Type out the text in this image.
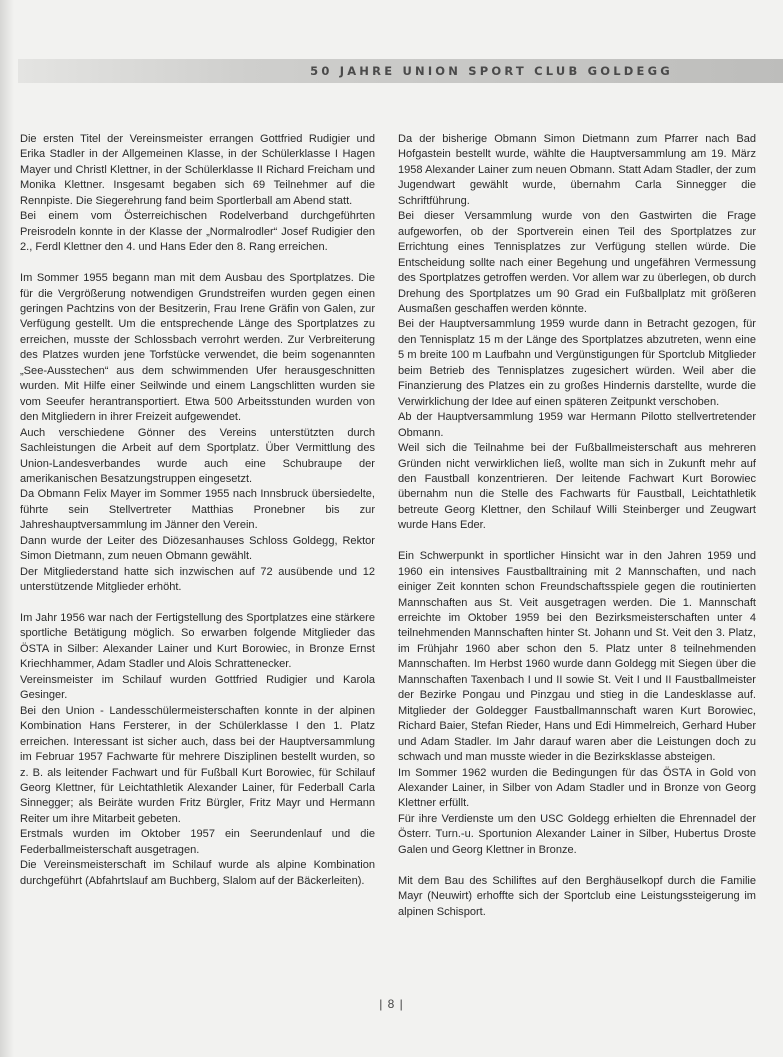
50 JAHRE UNION SPORT CLUB GOLDEGG

Die ersten Titel der Vereinsmeister errangen Gottfried Rudigier und Erika Stadler in der Allgemeinen Klasse, in der Schülerklasse I Hagen Mayer und Christl Klettner, in der Schülerklasse II Richard Freicham und Monika Klettner. Insgesamt begaben sich 69 Teilnehmer auf die Rennpiste. Die Siegerehrung fand beim Sportlerball am Abend statt.

Bei einem vom Österreichischen Rodelverband durchgeführten Preisrodeln konnte in der Klasse der „Normalrodler“ Josef Rudigier den 2., Ferdl Klettner den 4. und Hans Eder den 8. Rang erreichen.

Im Sommer 1955 begann man mit dem Ausbau des Sportplatzes. Die für die Vergrößerung notwendigen Grundstreifen wurden gegen einen geringen Pachtzins von der Besitzerin, Frau Irene Gräfin von Galen, zur Verfügung gestellt. Um die entsprechende Länge des Sportplatzes zu erreichen, musste der Schlossbach verrohrt werden. Zur Verbreiterung des Platzes wurden jene Torfstücke verwendet, die beim sogenannten „See-Ausstechen“ aus dem schwimmenden Ufer herausgeschnitten wurden. Mit Hilfe einer Seilwinde und einem Langschlitten wurden sie vom Seeufer herantransportiert. Etwa 500 Arbeitsstunden wurden von den Mitgliedern in ihrer Freizeit aufgewendet.

Auch verschiedene Gönner des Vereins unterstützten durch Sachleistungen die Arbeit auf dem Sportplatz. Über Vermittlung des Union-Landesverbandes wurde auch eine Schubraupe der amerikanischen Besatzungstruppen eingesetzt.

Da Obmann Felix Mayer im Sommer 1955 nach Innsbruck übersiedelte, führte sein Stellvertreter Matthias Pronebner bis zur Jahreshauptversammlung im Jänner den Verein.

Dann wurde der Leiter des Diözesanhauses Schloss Goldegg, Rektor Simon Dietmann, zum neuen Obmann gewählt.

Der Mitgliederstand hatte sich inzwischen auf 72 ausübende und 12 unterstützende Mitglieder erhöht.

Im Jahr 1956 war nach der Fertigstellung des Sportplatzes eine stärkere sportliche Betätigung möglich. So erwarben folgende Mitglieder das ÖSTA in Silber: Alexander Lainer und Kurt Borowiec, in Bronze Ernst Kriechhammer, Adam Stadler und Alois Schrattenecker.

Vereinsmeister im Schilauf wurden Gottfried Rudigier und Karola Gesinger.

Bei den Union - Landesschülermeisterschaften konnte in der alpinen Kombination Hans Fersterer, in der Schülerklasse I den 1. Platz erreichen. Interessant ist sicher auch, dass bei der Hauptversammlung im Februar 1957 Fachwarte für mehrere Disziplinen bestellt wurden, so z. B. als leitender Fachwart und für Fußball Kurt Borowiec, für Schilauf Georg Klettner, für Leichtathletik Alexander Lainer, für Federball Carla Sinnegger; als Beiräte wurden Fritz Bürgler, Fritz Mayr und Hermann Reiter um ihre Mitarbeit gebeten.

Erstmals wurden im Oktober 1957 ein Seerundenlauf und die Federballmeisterschaft ausgetragen.

Die Vereinsmeisterschaft im Schilauf wurde als alpine Kombination durchgeführt (Abfahrtslauf am Buchberg, Slalom auf der Bäckerleiten).

Da der bisherige Obmann Simon Dietmann zum Pfarrer nach Bad Hofgastein bestellt wurde, wählte die Hauptversammlung am 19. März 1958 Alexander Lainer zum neuen Obmann. Statt Adam Stadler, der zum Jugendwart gewählt wurde, übernahm Carla Sinnegger die Schriftführung.

Bei dieser Versammlung wurde von den Gastwirten die Frage aufgeworfen, ob der Sportverein einen Teil des Sportplatzes zur Errichtung eines Tennisplatzes zur Verfügung stellen würde. Die Entscheidung sollte nach einer Begehung und ungefähren Vermessung des Sportplatzes getroffen werden. Vor allem war zu überlegen, ob durch Drehung des Sportplatzes um 90 Grad ein Fußballplatz mit größeren Ausmaßen geschaffen werden könnte.

Bei der Hauptversammlung 1959 wurde dann in Betracht gezogen, für den Tennisplatz 15 m der Länge des Sportplatzes abzutreten, wenn eine 5 m breite 100 m Laufbahn und Vergünstigungen für Sportclub Mitglieder beim Betrieb des Tennisplatzes zugesichert würden. Weil aber die Finanzierung des Platzes ein zu großes Hindernis darstellte, wurde die Verwirklichung der Idee auf einen späteren Zeitpunkt verschoben.

Ab der Hauptversammlung 1959 war Hermann Pilotto stellvertretender Obmann.

Weil sich die Teilnahme bei der Fußballmeisterschaft aus mehreren Gründen nicht verwirklichen ließ, wollte man sich in Zukunft mehr auf den Faustball konzentrieren. Der leitende Fachwart Kurt Borowiec übernahm nun die Stelle des Fachwarts für Faustball, Leichtathletik betreute Georg Klettner, den Schilauf Willi Steinberger und Zeugwart wurde Hans Eder.

Ein Schwerpunkt in sportlicher Hinsicht war in den Jahren 1959 und 1960 ein intensives Faustballtraining mit 2 Mannschaften, und nach einiger Zeit konnten schon Freundschaftsspiele gegen die routinierten Mannschaften aus St. Veit ausgetragen werden. Die 1. Mannschaft erreichte im Oktober 1959 bei den Bezirksmeisterschaften unter 4 teilnehmenden Mannschaften hinter St. Johann und St. Veit den 3. Platz, im Frühjahr 1960 aber schon den 5. Platz unter 8 teilnehmenden Mannschaften. Im Herbst 1960 wurde dann Goldegg mit Siegen über die Mannschaften Taxenbach I und II sowie St. Veit I und II Faustballmeister der Bezirke Pongau und Pinzgau und stieg in die Landesklasse auf. Mitglieder der Goldegger Faustballmannschaft waren Kurt Borowiec, Richard Baier, Stefan Rieder, Hans und Edi Himmelreich, Gerhard Huber und Adam Stadler. Im Jahr darauf waren aber die Leistungen doch zu schwach und man musste wieder in die Bezirksklasse absteigen.

Im Sommer 1962 wurden die Bedingungen für das ÖSTA in Gold von Alexander Lainer, in Silber von Adam Stadler und in Bronze von Georg Klettner erfüllt.

Für ihre Verdienste um den USC Goldegg erhielten die Ehrennadel der Österr. Turn.-u. Sportunion Alexander Lainer in Silber, Hubertus Droste Galen und Georg Klettner in Bronze.

Mit dem Bau des Schiliftes auf den Berghäuselkopf durch die Familie Mayr (Neuwirt) erhoffte sich der Sportclub eine Leistungssteigerung im alpinen Schisport.

| 8 |
